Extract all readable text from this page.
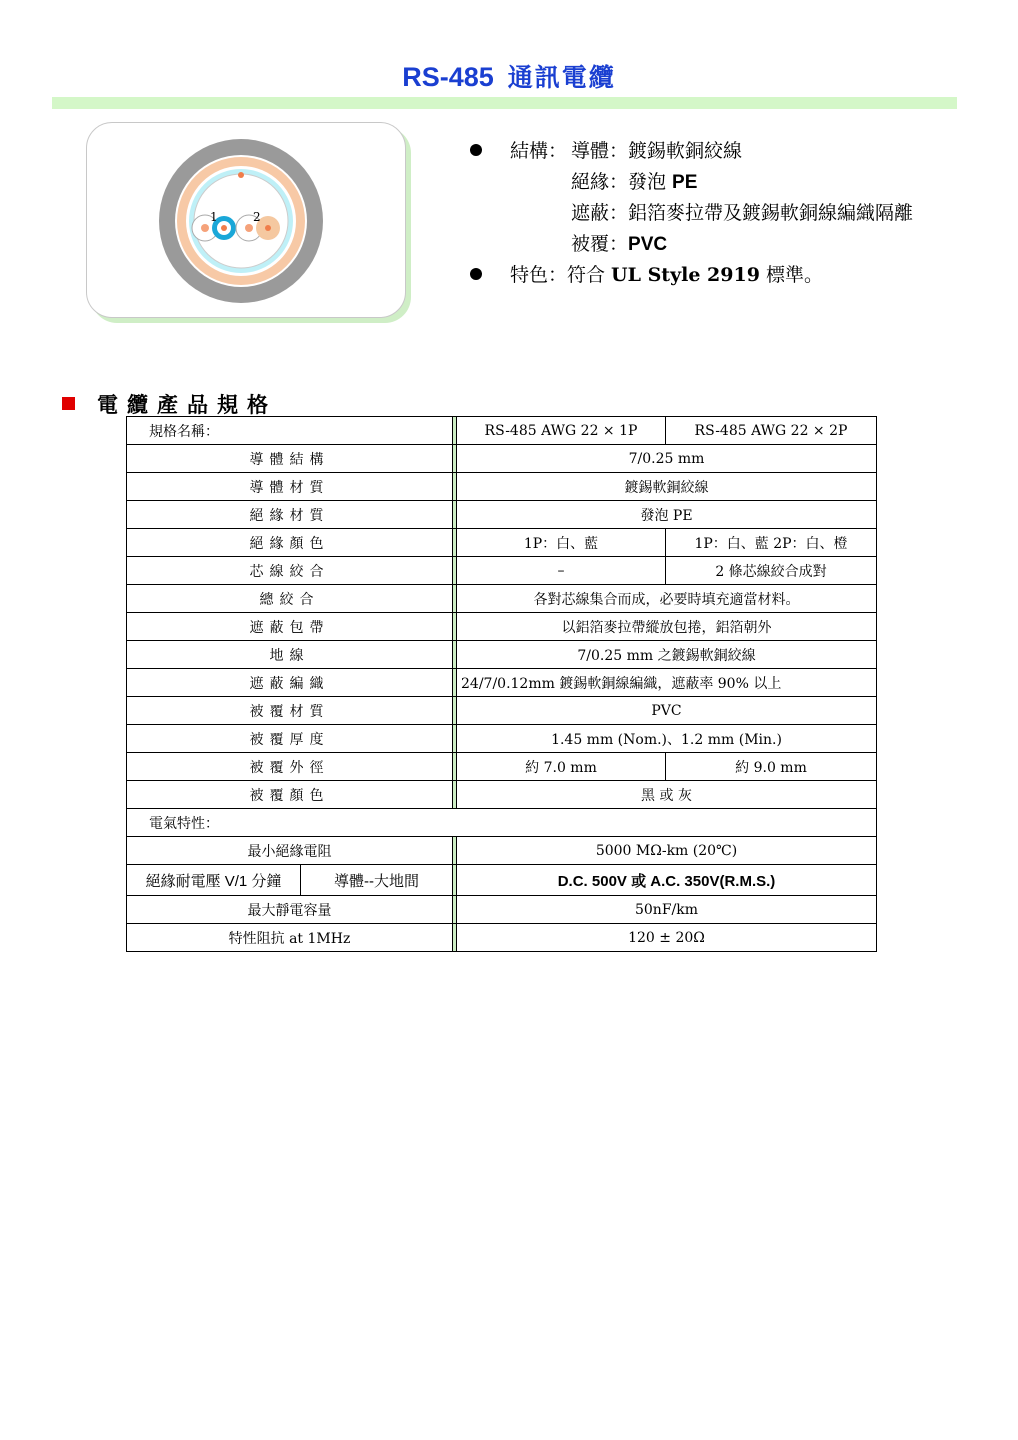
RS-485 通訊電纜
1	2
結構： 導體：鍍錫軟銅絞線
絕緣：發泡 PE
遮蔽：鋁箔麥拉帶及鍍錫軟銅線編織隔離
被覆：PVC
特色：符合 UL Style 2919 標準。
電纜產品規格
規格名稱：			RS-485 AWG 22 × 1P	RS-485 AWG 22 × 2P
導體結構			7/0.25 mm	
導體材質			鍍錫軟銅絞線	
絕緣材質			發泡 PE	
絕緣顏色			1P：白、藍	1P：白、藍 2P：白、橙
芯線絞合			–	2 條芯線絞合成對
總絞合			各對芯線集合而成，必要時填充適當材料。	
遮蔽包帶			以鋁箔麥拉帶縱放包捲，鋁箔朝外	
地線			7/0.25 mm 之鍍錫軟銅絞線	
遮蔽編織			24/7/0.12mm 鍍錫軟銅線編織，遮蔽率 90% 以上	
被覆材質			PVC	
被覆厚度			1.45 mm (Nom.)、1.2 mm (Min.)	
被覆外徑			約 7.0 mm	約 9.0 mm
被覆顏色			黑 或 灰	
電氣特性：				
最小絕緣電阻			5000 MΩ-km (20℃)	
絕緣耐電壓 V/1 分鐘	導體--大地間		D.C. 500V 或 A.C. 350V(R.M.S.)	
最大靜電容量			50nF/km	
特性阻抗 at 1MHz			120 ± 20Ω	
